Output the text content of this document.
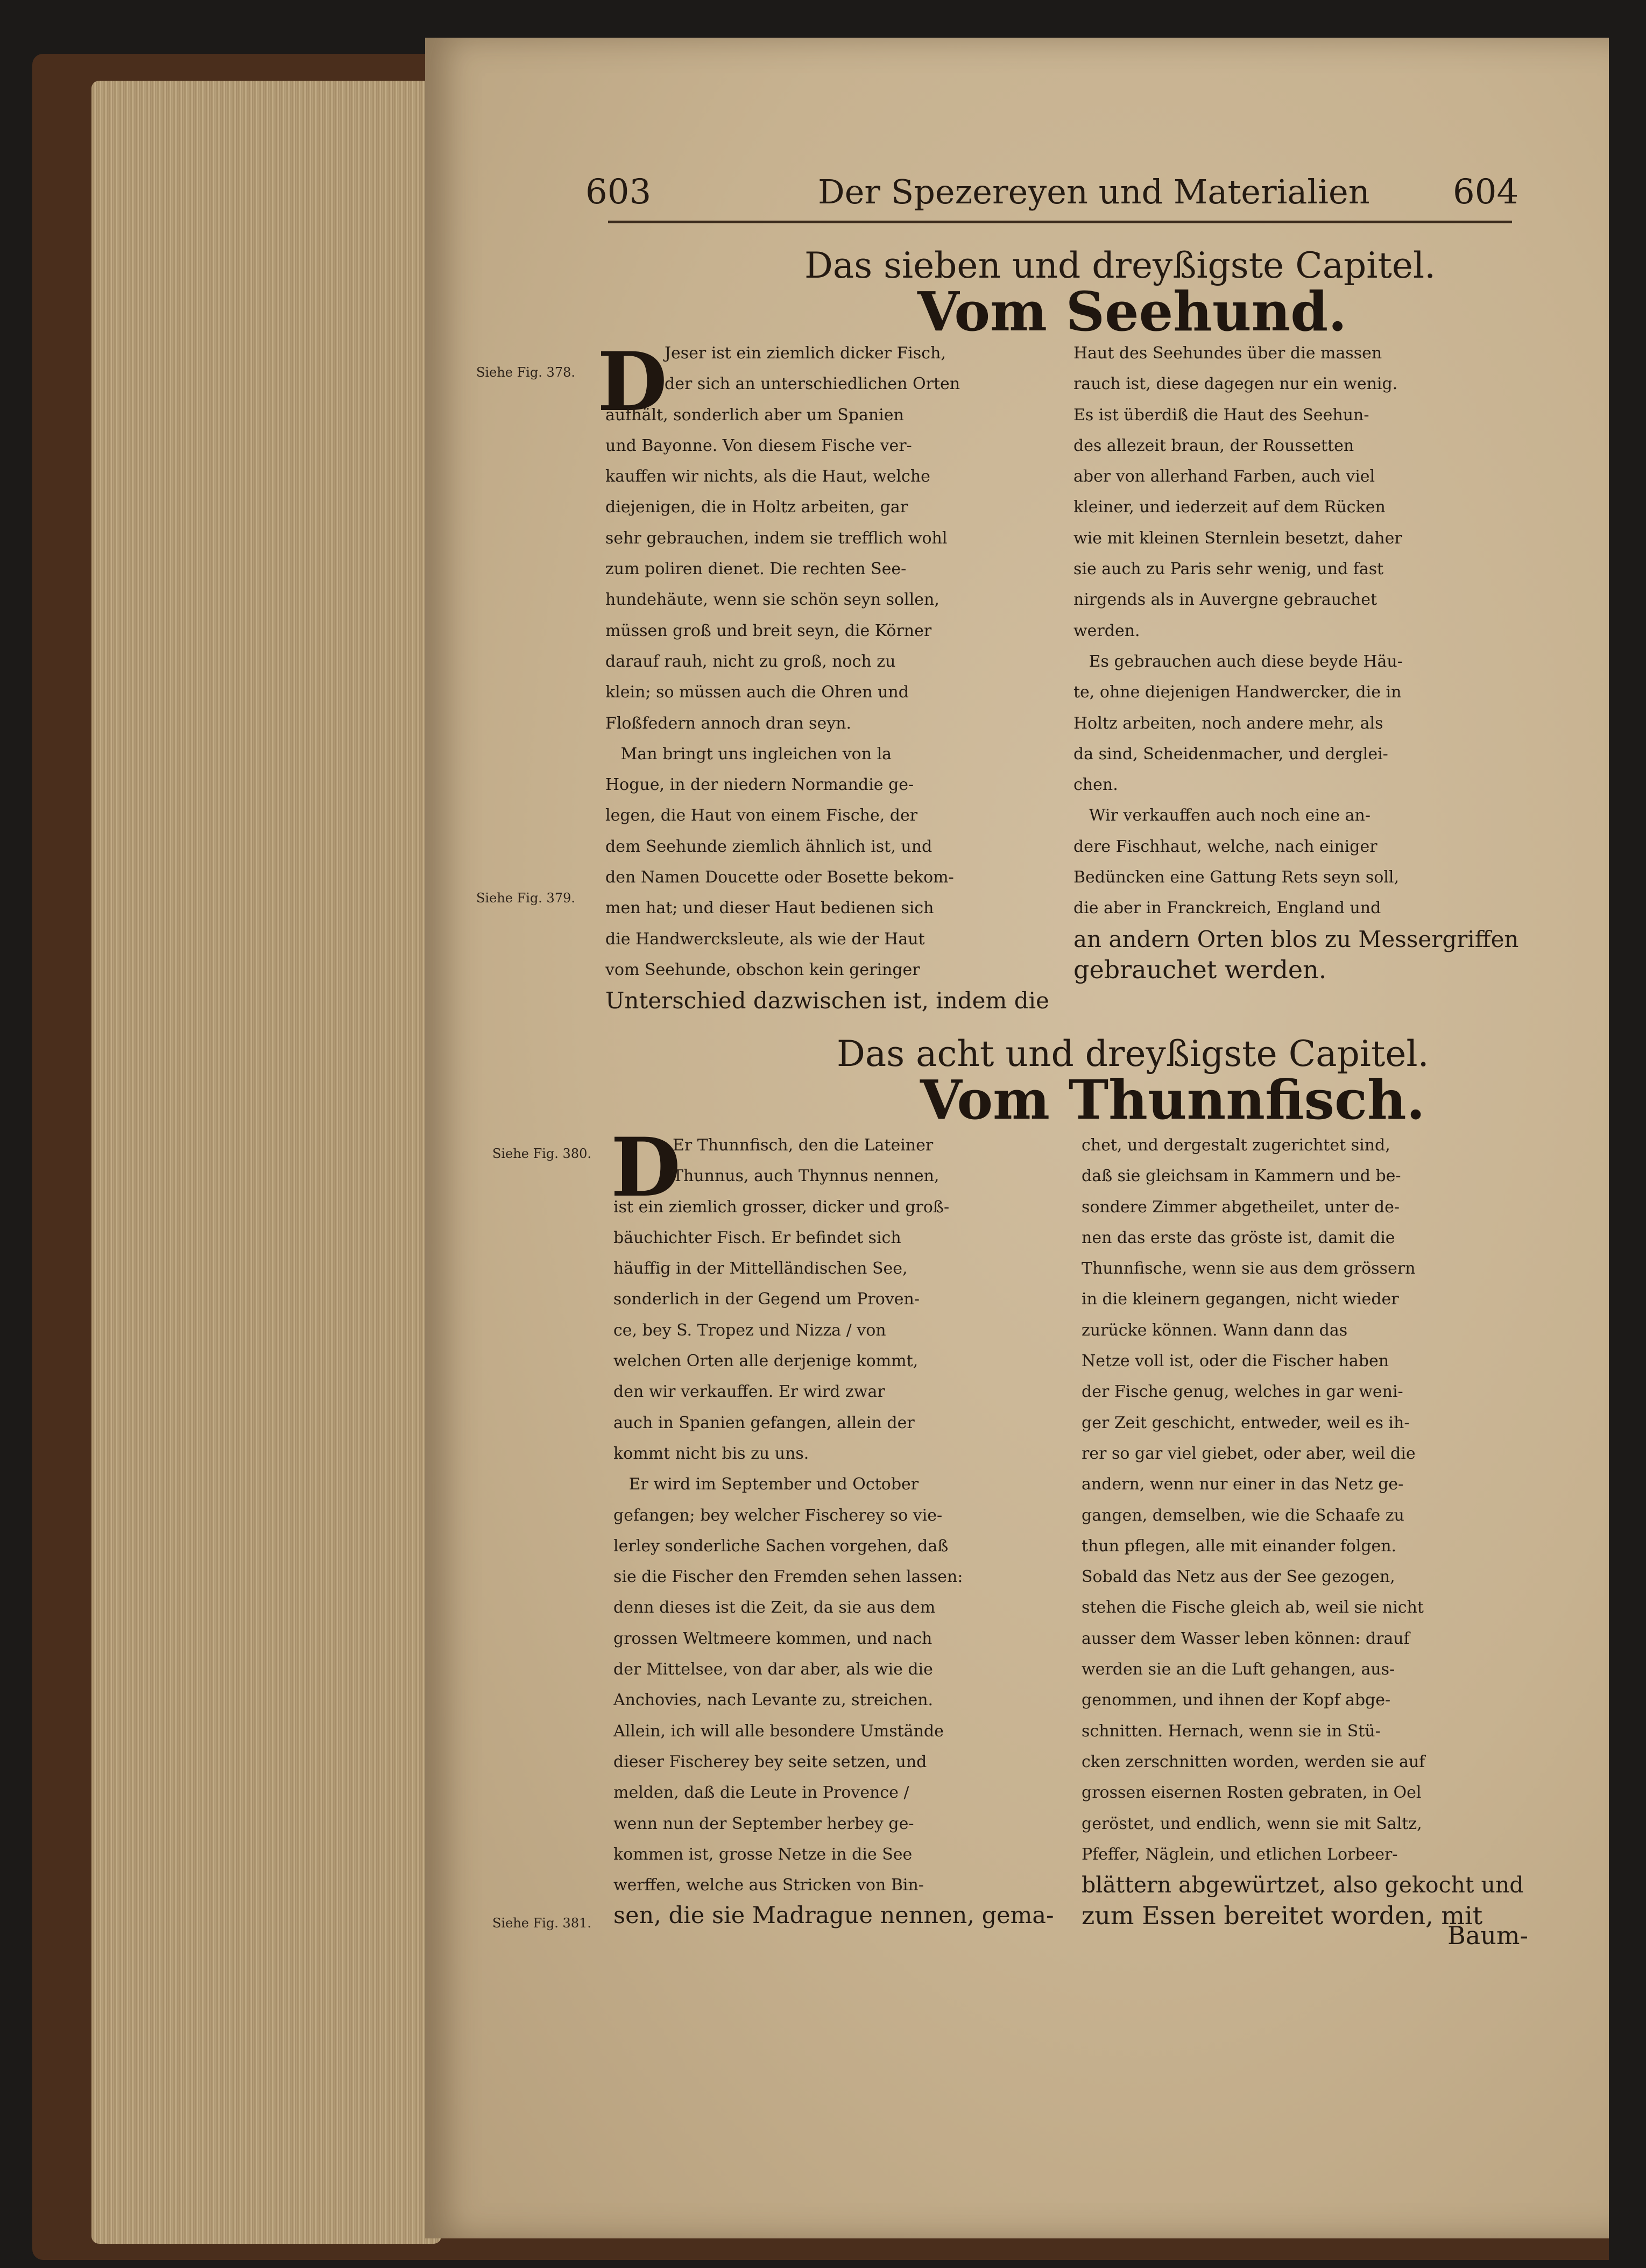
603	Der Spezereyen und Materialien 604
Das sieben und dreyßigste Capitel.
Vom Seehund.
Siehe Fig. 378. D

Jeser ist ein ziemlich dicker Fisch,

der sich an unterschiedlichen Orten

aufhält, sonderlich aber um Spanien

und Bayonne. Von diesem Fische ver-

kauffen wir nichts, als die Haut, welche

diejenigen, die in Holtz arbeiten, gar

sehr gebrauchen, indem sie trefflich wohl

zum poliren dienet. Die rechten See-

hundehäute, wenn sie schön seyn sollen,

müssen groß und breit seyn, die Körner

darauf rauh, nicht zu groß, noch zu

klein; so müssen auch die Ohren und

Floßfedern annoch dran seyn.

Man bringt uns ingleichen von la

Hogue, in der niedern Normandie ge-

legen, die Haut von einem Fische, der

dem Seehunde ziemlich ähnlich ist, und

den Namen Doucette oder Bosette bekom-

men hat; und dieser Haut bedienen sich

die Handwercksleute, als wie der Haut

vom Seehunde, obschon kein geringer

Unterschied dazwischen ist, indem die

Siehe Fig. 379.

Haut des Seehundes über die massen

rauch ist, diese dagegen nur ein wenig.

Es ist überdiß die Haut des Seehun-

des allezeit braun, der Roussetten

aber von allerhand Farben, auch viel

kleiner, und iederzeit auf dem Rücken

wie mit kleinen Sternlein besetzt, daher

sie auch zu Paris sehr wenig, und fast

nirgends als in Auvergne gebrauchet

werden.

Es gebrauchen auch diese beyde Häu-

te, ohne diejenigen Handwercker, die in

Holtz arbeiten, noch andere mehr, als

da sind, Scheidenmacher, und derglei-

chen.

Wir verkauffen auch noch eine an-

dere Fischhaut, welche, nach einiger

Bedüncken eine Gattung Rets seyn soll,

die aber in Franckreich, England und

an andern Orten blos zu Messergriffen

gebrauchet werden.

Das acht und dreyßigste Capitel.
Vom Thunnfisch.
Siehe Fig. 380. D

Er Thunnfisch, den die Lateiner

Thunnus, auch Thynnus nennen,

ist ein ziemlich grosser, dicker und groß-

bäuchichter Fisch. Er befindet sich

häuffig in der Mittelländischen See,

sonderlich in der Gegend um Proven-

ce, bey S. Tropez und Nizza / von

welchen Orten alle derjenige kommt,

den wir verkauffen. Er wird zwar

auch in Spanien gefangen, allein der

kommt nicht bis zu uns.

Er wird im September und October

gefangen; bey welcher Fischerey so vie-

lerley sonderliche Sachen vorgehen, daß

sie die Fischer den Fremden sehen lassen:

denn dieses ist die Zeit, da sie aus dem

grossen Weltmeere kommen, und nach

der Mittelsee, von dar aber, als wie die

Anchovies, nach Levante zu, streichen.

Allein, ich will alle besondere Umstände

dieser Fischerey bey seite setzen, und

melden, daß die Leute in Provence /

wenn nun der September herbey ge-

kommen ist, grosse Netze in die See

werffen, welche aus Stricken von Bin-

sen, die sie Madrague nennen, gema-

Siehe Fig. 381.

chet, und dergestalt zugerichtet sind,

daß sie gleichsam in Kammern und be-

sondere Zimmer abgetheilet, unter de-

nen das erste das gröste ist, damit die

Thunnfische, wenn sie aus dem grössern

in die kleinern gegangen, nicht wieder

zurücke können. Wann dann das

Netze voll ist, oder die Fischer haben

der Fische genug, welches in gar weni-

ger Zeit geschicht, entweder, weil es ih-

rer so gar viel giebet, oder aber, weil die

andern, wenn nur einer in das Netz ge-

gangen, demselben, wie die Schaafe zu

thun pflegen, alle mit einander folgen.

Sobald das Netz aus der See gezogen,

stehen die Fische gleich ab, weil sie nicht

ausser dem Wasser leben können: drauf

werden sie an die Luft gehangen, aus-

genommen, und ihnen der Kopf abge-

schnitten. Hernach, wenn sie in Stü-

cken zerschnitten worden, werden sie auf

grossen eisernen Rosten gebraten, in Oel

geröstet, und endlich, wenn sie mit Saltz,

Pfeffer, Näglein, und etlichen Lorbeer-

blättern abgewürtzet, also gekocht und

zum Essen bereitet worden, mit

Baum-
